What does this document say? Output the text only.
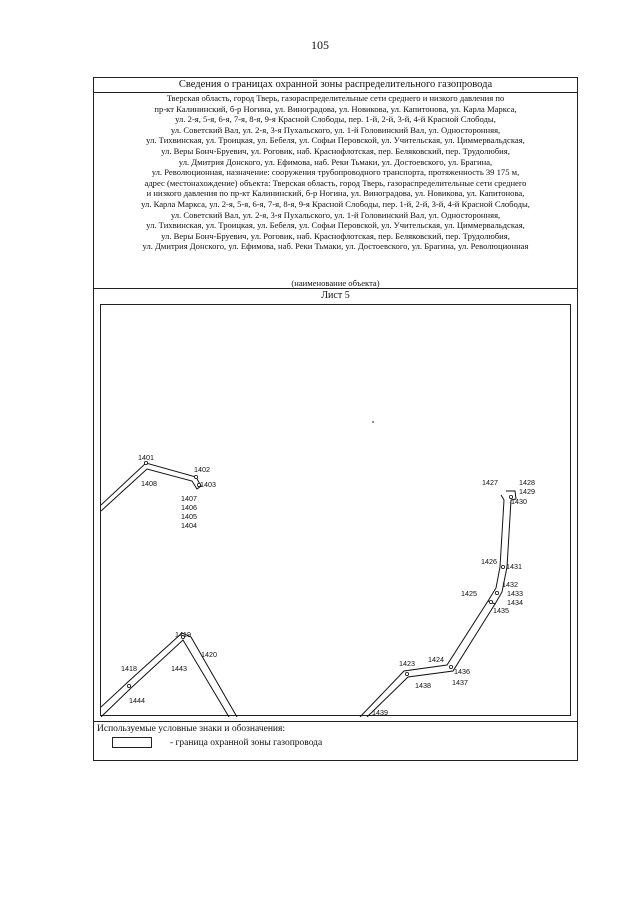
105
Сведения о границах охранной зоны распределительного газопровода
Тверская область, город Тверь, газораспределительные сети среднего и низкого давления по
пр-кт Калининский, б-р Ногина, ул. Виноградова, ул. Новикова, ул. Капитонова, ул. Карла Маркса,
ул. 2-я, 5-я, 6-я, 7-я, 8-я, 9-я Красной Слободы, пер. 1-й, 2-й, 3-й, 4-й Красной Слободы,
ул. Советский Вал, ул. 2-я, 3-я Пухальского, ул. 1-й Головинский Вал, ул. Односторонняя,
ул. Тихвинская, ул. Троицкая, ул. Бебеля, ул. Софьи Перовской, ул. Учительская, ул. Циммервальдская,
ул. Веры Бонч-Бруевич, ул. Роговик, наб. Краснофлотская, пер. Беляковский, пер. Трудолюбия,
ул. Дмитрия Донского, ул. Ефимова, наб. Реки Тьмаки, ул. Достоевского, ул. Брагина,
ул. Революционная, назначение: сооружения трубопроводного транспорта, протяженность 39 175 м,
адрес (местонахождение) объекта: Тверская область, город Тверь, газораспределительные сети среднего
и низкого давления по пр-кт Калининский, б-р Ногина, ул. Виноградова, ул. Новикова, ул. Капитонова,
ул. Карла Маркса, ул. 2-я, 5-я, 6-я, 7-я, 8-я, 9-я Красной Слободы, пер. 1-й, 2-й, 3-й, 4-й Красной Слободы,
ул. Советский Вал, ул. 2-я, 3-я Пухальского, ул. 1-й Головинский Вал, ул. Односторонняя,
ул. Тихвинская, ул. Троицкая, ул. Бебеля, ул. Софьи Перовской, ул. Учительская, ул. Циммервальдская,
ул. Веры Бонч-Бруевич, ул. Роговик, наб. Краснофлотская, пер. Беляковский, пер. Трудолюбия,
ул. Дмитрия Донского, ул. Ефимова, наб. Реки Тьмаки, ул. Достоевского, ул. Брагина, ул. Революционная
(наименование объекта)
Лист 5
1401
1402
1403
1408
1407
1406
1405
1404
1427	1428
1429
1430
1426
1431
1432
1433
1434
1435
1425
1423 1424
1436
1437
1438
1439
1419
1420
1418	1443
1444
Используемые условные знаки и обозначения:
- граница охранной зоны газопровода
